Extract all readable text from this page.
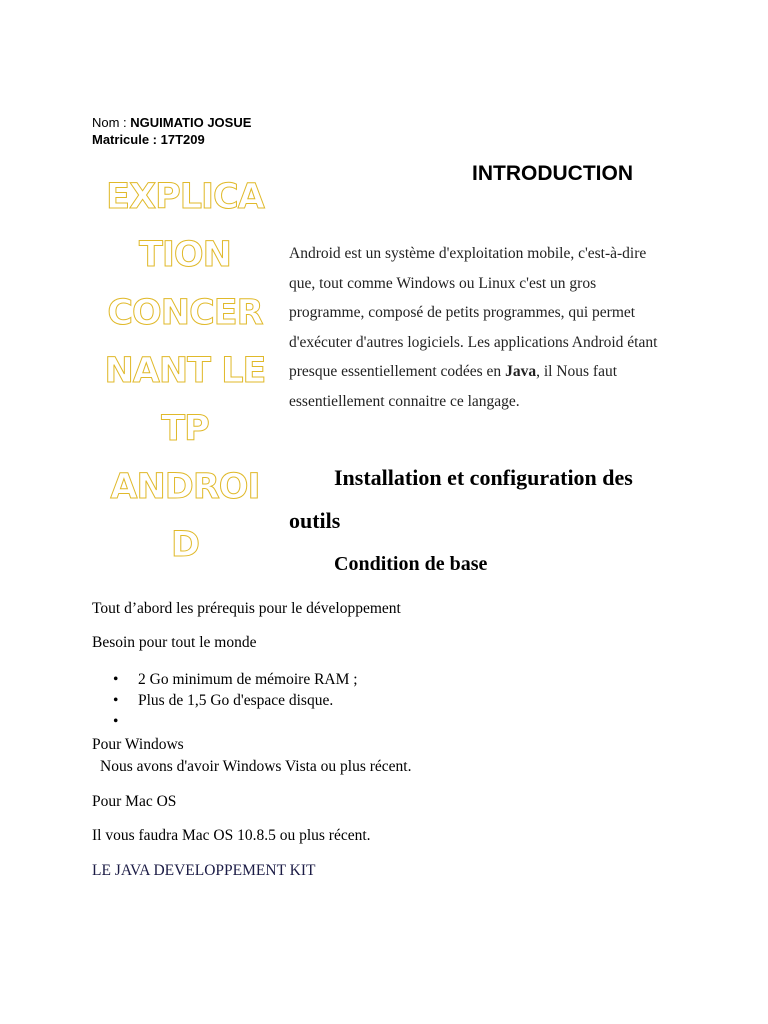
Nom : NGUIMATIO JOSUE
Matricule : 17T209
EXPLICA
TION
CONCER
NANT LE
TP
ANDROI
D
INTRODUCTION
Android est un système d'exploitation mobile, c'est-à-dire que, tout comme Windows ou Linux c'est un gros programme, composé de petits programmes, qui permet d'exécuter d'autres logiciels. Les applications Android étant presque essentiellement codées en Java, il Nous faut essentiellement connaitre ce langage.
Installation et configuration des outils
Condition de base
Tout d’abord les prérequis pour le développement
Besoin pour tout le monde
• 2 Go minimum de mémoire RAM ;
• Plus de 1,5 Go d'espace disque.
•
Pour Windows
Nous avons d'avoir Windows Vista ou plus récent.
Pour Mac OS
Il vous faudra Mac OS 10.8.5 ou plus récent.
LE JAVA DEVELOPPEMENT KIT
